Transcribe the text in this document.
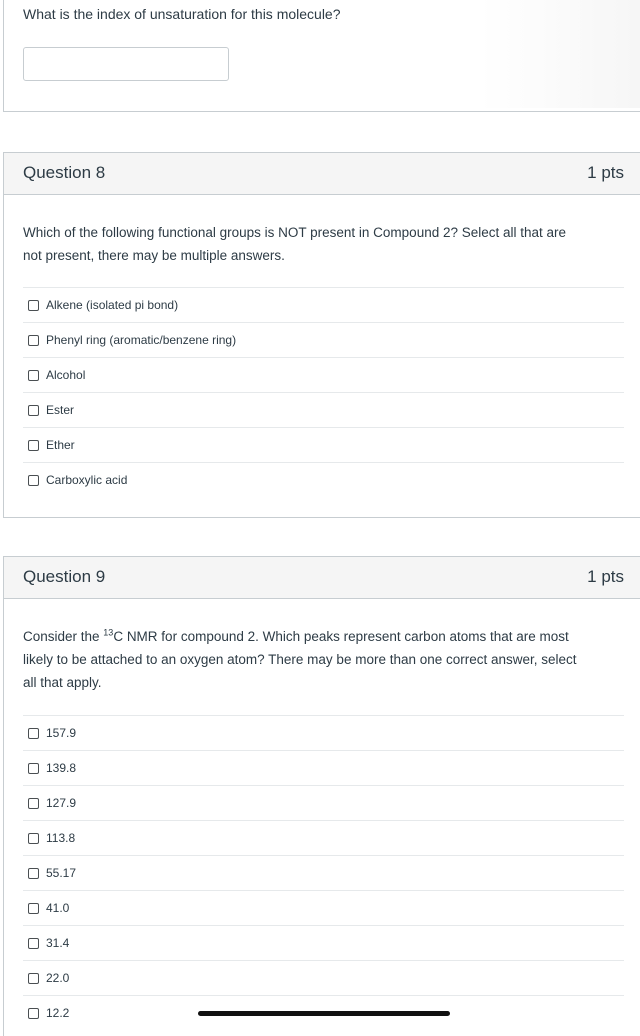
What is the index of unsaturation for this molecule?
Question 8	1 pts
Which of the following functional groups is NOT present in Compound 2? Select all that are
not present, there may be multiple answers.
Alkene (isolated pi bond)
Phenyl ring (aromatic/benzene ring)
Alcohol
Ester
Ether
Carboxylic acid
Question 9	1 pts
Consider the $^{13}$C NMR for compound 2. Which peaks represent carbon atoms that are most
likely to be attached to an oxygen atom? There may be more than one correct answer, select
all that apply.
157.9
139.8
127.9
113.8
55.17
41.0
31.4
22.0
12.2
